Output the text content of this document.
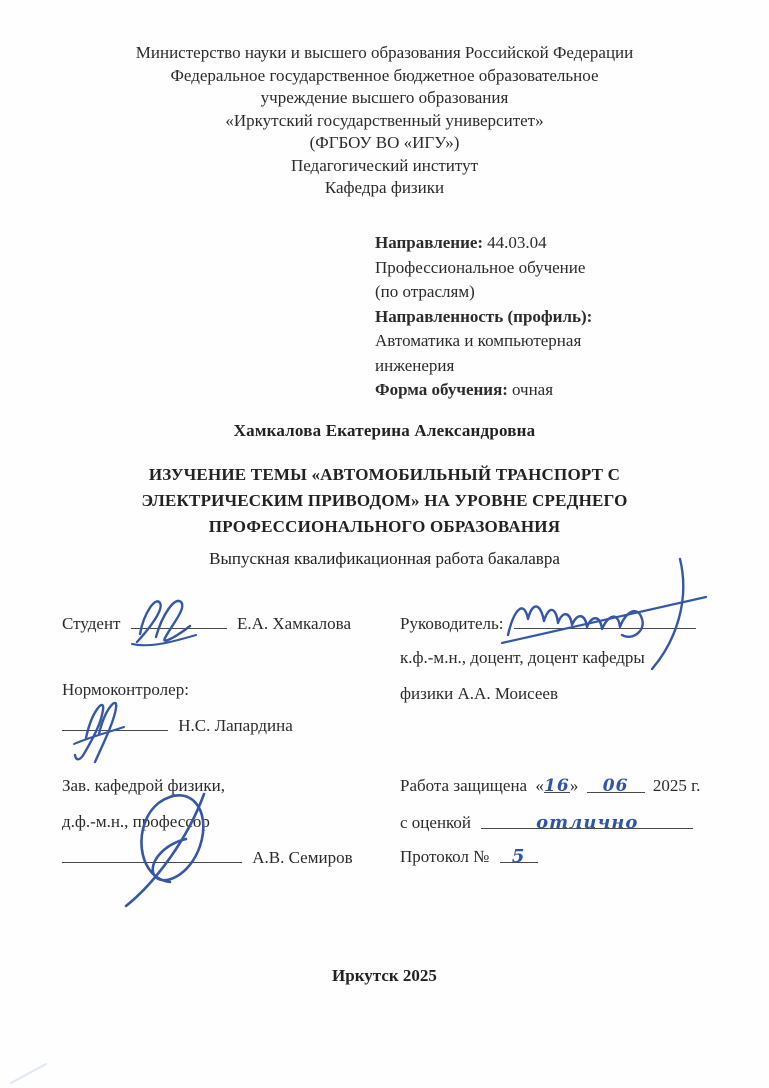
Министерство науки и высшего образования Российской Федерации
Федеральное государственное бюджетное образовательное
учреждение высшего образования
«Иркутский государственный университет»
(ФГБОУ ВО «ИГУ»)
Педагогический институт
Кафедра физики
Направление: 44.03.04
Профессиональное обучение
(по отраслям)
Направленность (профиль):
Автоматика и компьютерная
инженерия
Форма обучения: очная
Хамкалова Екатерина Александровна
ИЗУЧЕНИЕ ТЕМЫ «АВТОМОБИЛЬНЫЙ ТРАНСПОРТ С
ЭЛЕКТРИЧЕСКИМ ПРИВОДОМ» НА УРОВНЕ СРЕДНЕГО
ПРОФЕССИОНАЛЬНОГО ОБРАЗОВАНИЯ
Выпускная квалификационная работа бакалавра
Студент	Е.А. Хамкалова	Руководитель:
к.ф.-м.н., доцент, доцент кафедры
физики А.А. Моисеев
Нормоконтролер:
Н.С. Лапардина
Зав. кафедрой физики,
д.ф.-м.н., профессор
А.В. Семиров
Работа защищена «16» 06 2025 г.
с оценкой	отлично
Протокол № 5
Иркутск 2025
